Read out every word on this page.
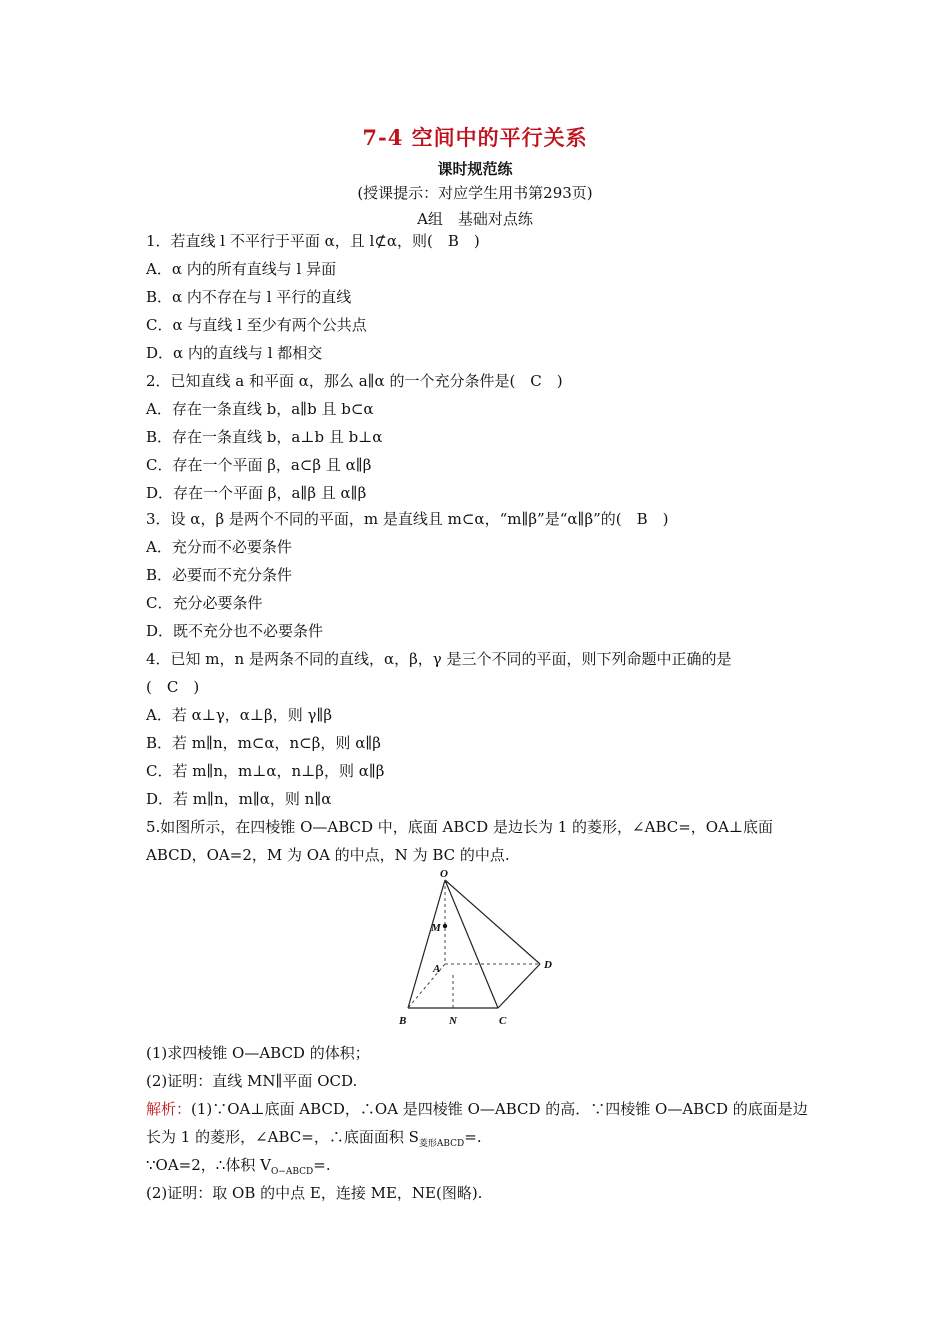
7-4 空间中的平行关系
课时规范练
(授课提示：对应学生用书第293页)
A组　基础对点练
1．若直线 l 不平行于平面 α，且 l⊄α，则(　B　)
A．α 内的所有直线与 l 异面
B．α 内不存在与 l 平行的直线
C．α 与直线 l 至少有两个公共点
D．α 内的直线与 l 都相交
2．已知直线 a 和平面 α，那么 a∥α 的一个充分条件是(　C　)
A．存在一条直线 b，a∥b 且 b⊂α
B．存在一条直线 b，a⊥b 且 b⊥α
C．存在一个平面 β，a⊂β 且 α∥β
D．存在一个平面 β，a∥β 且 α∥β
3．设 α，β 是两个不同的平面，m 是直线且 m⊂α，“m∥β”是“α∥β”的(　B　)
A．充分而不必要条件
B．必要而不充分条件
C．充分必要条件
D．既不充分也不必要条件
4．已知 m，n 是两条不同的直线，α，β，γ 是三个不同的平面，则下列命题中正确的是
(　C　)
A．若 α⊥γ，α⊥β，则 γ∥β
B．若 m∥n，m⊂α，n⊂β，则 α∥β
C．若 m∥n，m⊥α，n⊥β，则 α∥β
D．若 m∥n，m∥α，则 n∥α
5.如图所示，在四棱锥 O—ABCD 中，底面 ABCD 是边长为 1 的菱形，∠ABC=，OA⊥底面
ABCD，OA=2，M 为 OA 的中点，N 为 BC 的中点.
O
M
A	D
B	N	C
(1)求四棱锥 O—ABCD 的体积；
(2)证明：直线 MN∥平面 OCD.
解析：(1)∵OA⊥底面 ABCD，∴OA 是四棱锥 O—ABCD 的高．∵四棱锥 O—ABCD 的底面是边
长为 1 的菱形，∠ABC=，∴底面面积 $S_{菱形ABCD}=$.
∵OA=2，∴体积 $V_{O-ABCD}=$.
(2)证明：取 OB 的中点 E，连接 ME，NE(图略).
